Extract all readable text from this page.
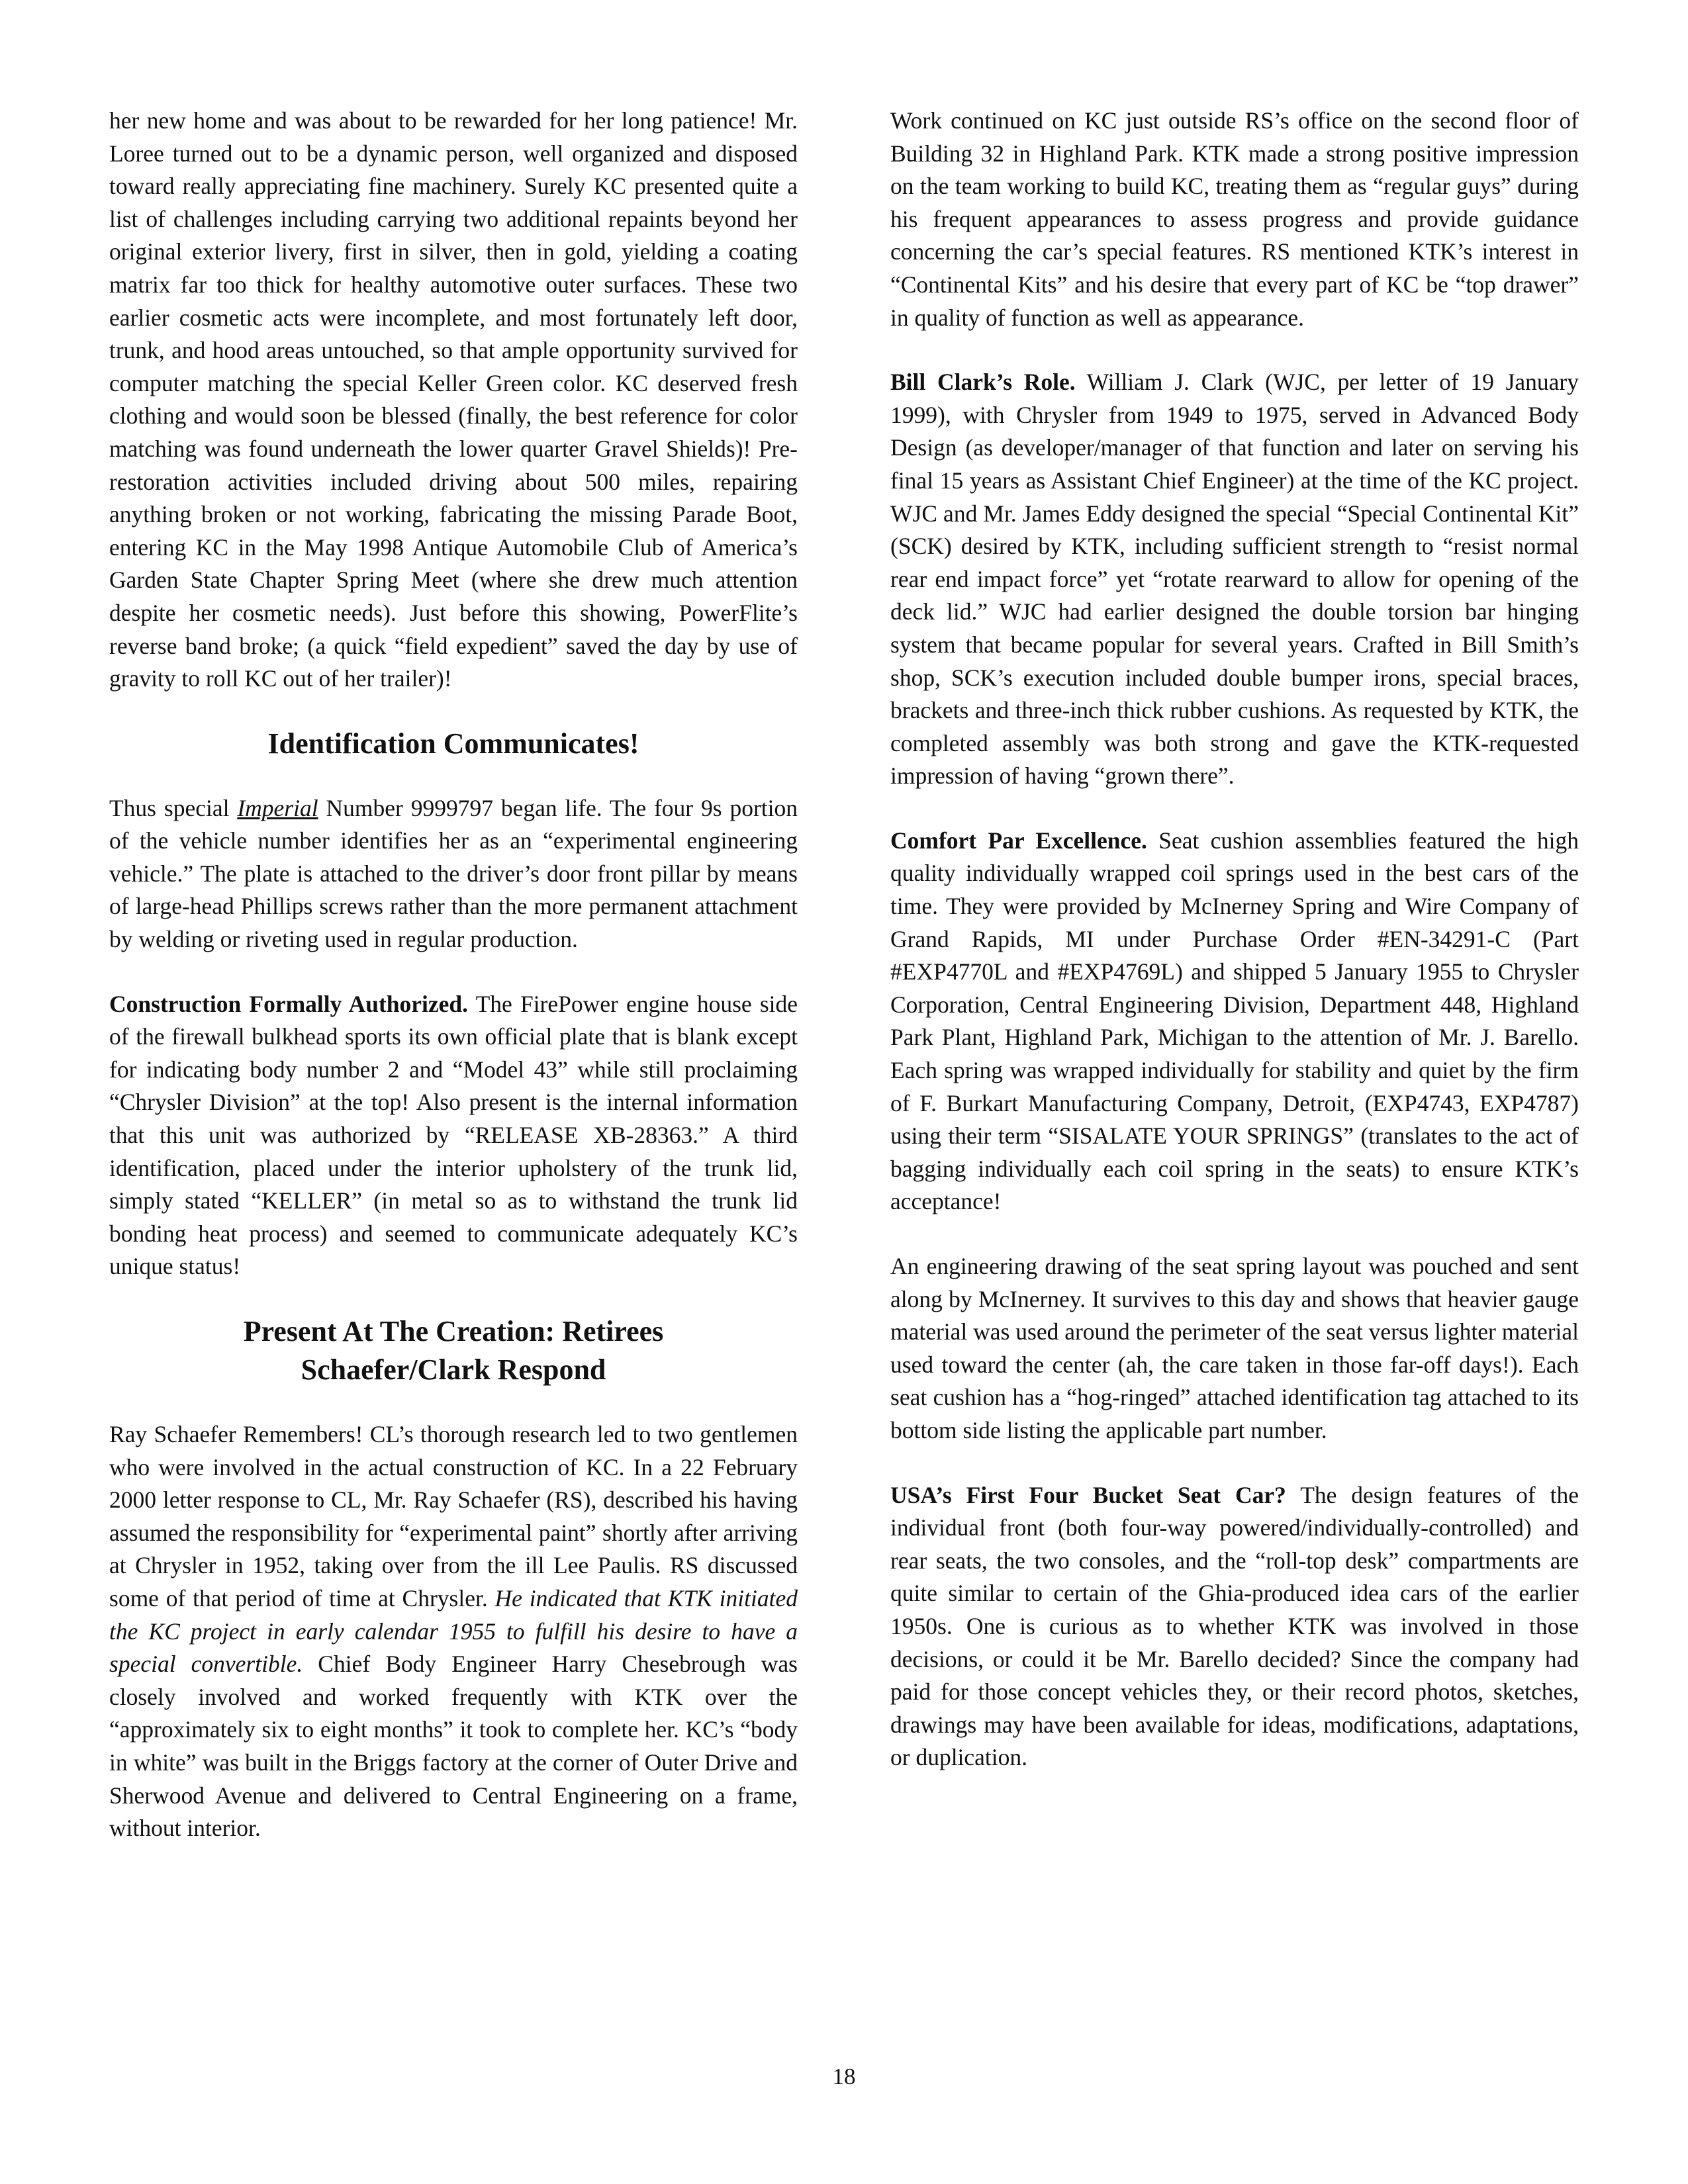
her new home and was about to be rewarded for her long patience! Mr. Loree turned out to be a dynamic person, well organized and disposed toward really appreciating fine machinery. Surely KC presented quite a list of challenges including carrying two additional repaints beyond her original exterior livery, first in silver, then in gold, yielding a coating matrix far too thick for healthy automotive outer surfaces. These two earlier cosmetic acts were incomplete, and most fortunately left door, trunk, and hood areas untouched, so that ample opportunity survived for computer matching the special Keller Green color. KC deserved fresh clothing and would soon be blessed (finally, the best reference for color matching was found underneath the lower quarter Gravel Shields)! Prerestoration activities included driving about 500 miles, repairing anything broken or not working, fabricating the missing Parade Boot, entering KC in the May 1998 Antique Automobile Club of America’s Garden State Chapter Spring Meet (where she drew much attention despite her cosmetic needs). Just before this showing, PowerFlite’s reverse band broke; (a quick “field expedient” saved the day by use of gravity to roll KC out of her trailer)!

Identification Communicates!

Thus special Imperial Number 9999797 began life. The four 9s portion of the vehicle number identifies her as an “experimental engineering vehicle.” The plate is attached to the driver’s door front pillar by means of large-head Phillips screws rather than the more permanent attachment by welding or riveting used in regular production.

Construction Formally Authorized. The FirePower engine house side of the firewall bulkhead sports its own official plate that is blank except for indicating body number 2 and “Model 43” while still proclaiming “Chrysler Division” at the top! Also present is the internal information that this unit was authorized by “RELEASE XB-28363.” A third identification, placed under the interior upholstery of the trunk lid, simply stated “KELLER” (in metal so as to withstand the trunk lid bonding heat process) and seemed to communicate adequately KC’s unique status!

Present At The Creation: Retirees
Schaefer/Clark Respond

Ray Schaefer Remembers! CL’s thorough research led to two gentlemen who were involved in the actual construction of KC. In a 22 February 2000 letter response to CL, Mr. Ray Schaefer (RS), described his having assumed the responsibility for “experimental paint” shortly after arriving at Chrysler in 1952, taking over from the ill Lee Paulis. RS discussed some of that period of time at Chrysler. He indicated that KTK initiated the KC project in early calendar 1955 to fulfill his desire to have a special convertible. Chief Body Engineer Harry Chesebrough was closely involved and worked frequently with KTK over the “approximately six to eight months” it took to complete her. KC’s “body in white” was built in the Briggs factory at the corner of Outer Drive and Sherwood Avenue and delivered to Central Engineering on a frame, without interior.

Work continued on KC just outside RS’s office on the second floor of Building 32 in Highland Park. KTK made a strong positive impression on the team working to build KC, treating them as “regular guys” during his frequent appearances to assess progress and provide guidance concerning the car’s special features. RS mentioned KTK’s interest in “Continental Kits” and his desire that every part of KC be “top drawer” in quality of function as well as appearance.

Bill Clark’s Role. William J. Clark (WJC, per letter of 19 January 1999), with Chrysler from 1949 to 1975, served in Advanced Body Design (as developer/manager of that function and later on serving his final 15 years as Assistant Chief Engineer) at the time of the KC project. WJC and Mr. James Eddy designed the special “Special Continental Kit” (SCK) desired by KTK, including sufficient strength to “resist normal rear end impact force” yet “rotate rearward to allow for opening of the deck lid.” WJC had earlier designed the double torsion bar hinging system that became popular for several years. Crafted in Bill Smith’s shop, SCK’s execution included double bumper irons, special braces, brackets and three-inch thick rubber cushions. As requested by KTK, the completed assembly was both strong and gave the KTK-requested impression of having “grown there”.

Comfort Par Excellence. Seat cushion assemblies featured the high quality individually wrapped coil springs used in the best cars of the time. They were provided by McInerney Spring and Wire Company of Grand Rapids, MI under Purchase Order #EN-34291-C (Part #EXP4770L and #EXP4769L) and shipped 5 January 1955 to Chrysler Corporation, Central Engineering Division, Department 448, Highland Park Plant, Highland Park, Michigan to the attention of Mr. J. Barello. Each spring was wrapped individually for stability and quiet by the firm of F. Burkart Manufacturing Company, Detroit, (EXP4743, EXP4787) using their term “SISALATE YOUR SPRINGS” (translates to the act of bagging individually each coil spring in the seats) to ensure KTK’s acceptance!

An engineering drawing of the seat spring layout was pouched and sent along by McInerney. It survives to this day and shows that heavier gauge material was used around the perimeter of the seat versus lighter material used toward the center (ah, the care taken in those far-off days!). Each seat cushion has a “hog-ringed” attached identification tag attached to its bottom side listing the applicable part number.

USA’s First Four Bucket Seat Car? The design features of the individual front (both four-way powered/individually-controlled) and rear seats, the two consoles, and the “roll-top desk” compartments are quite similar to certain of the Ghia-produced idea cars of the earlier 1950s. One is curious as to whether KTK was involved in those decisions, or could it be Mr. Barello decided? Since the company had paid for those concept vehicles they, or their record photos, sketches, drawings may have been available for ideas, modifications, adaptations, or duplication.

18
